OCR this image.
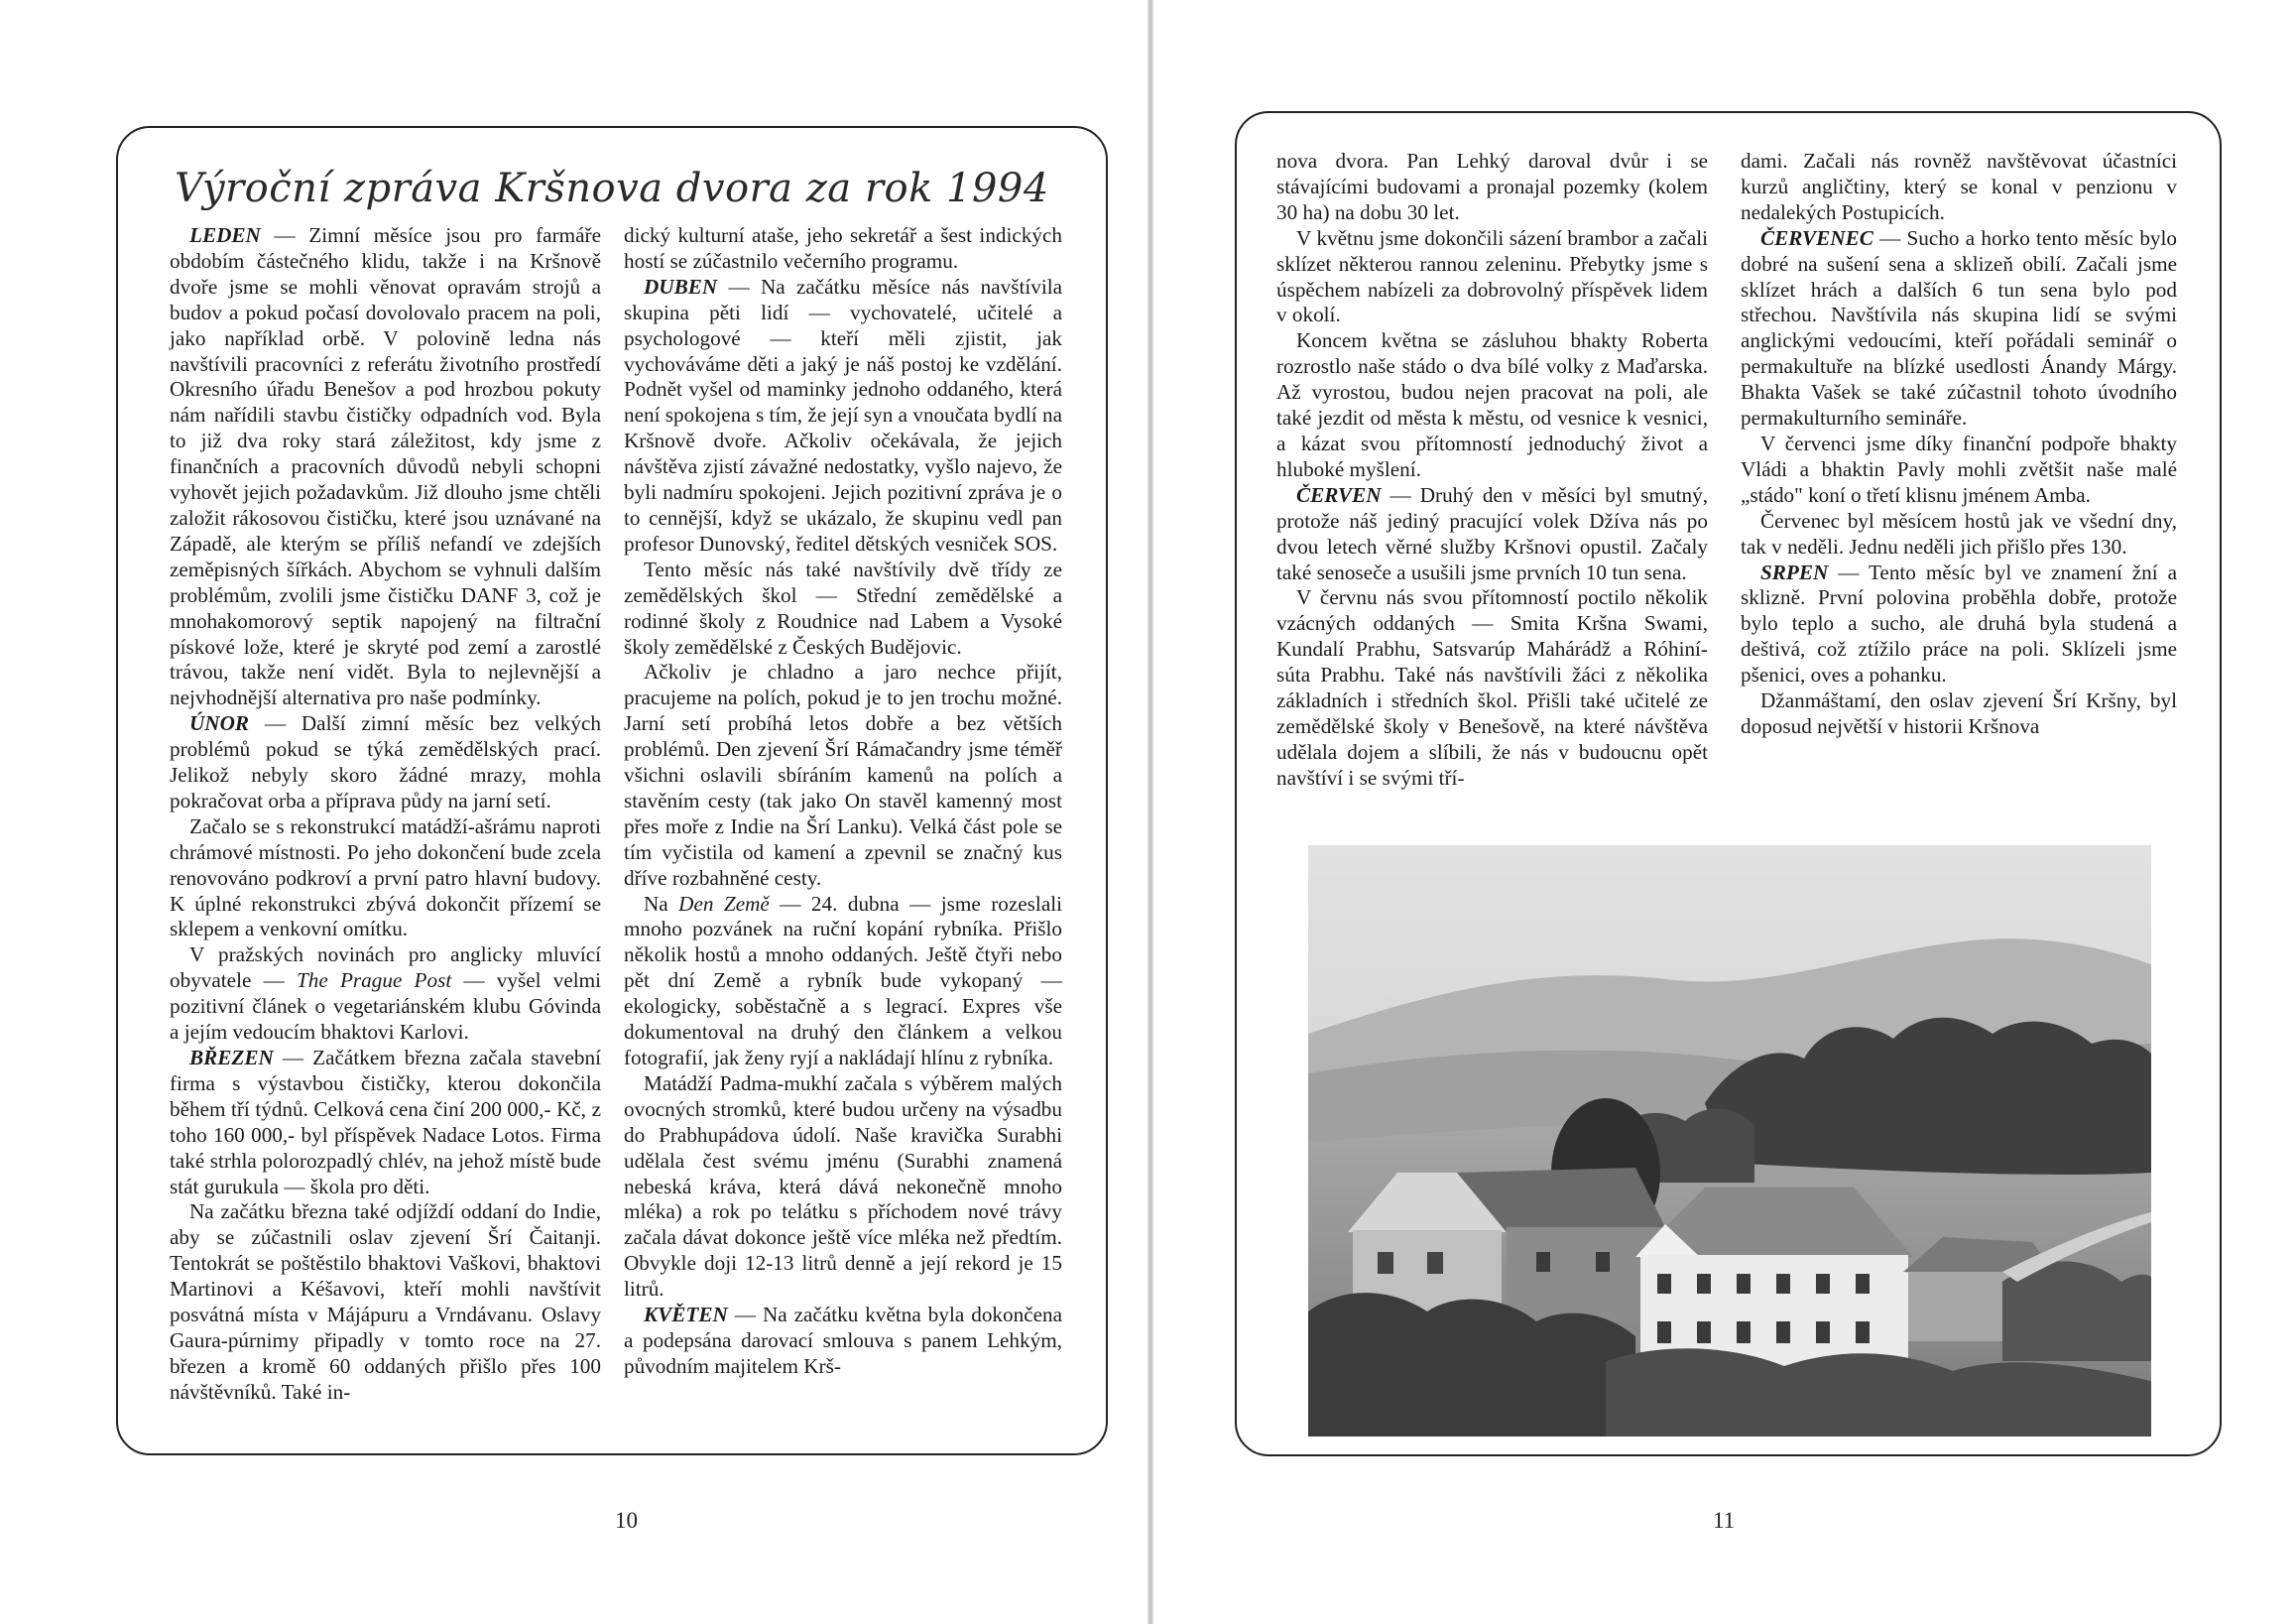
Výroční zpráva Kršnova dvora za rok 1994

LEDEN — Zimní měsíce jsou pro farmáře obdobím částečného klidu, takže i na Kršnově dvoře jsme se mohli věnovat opravám strojů a budov a pokud počasí dovolovalo pracem na poli, jako například orbě. V polovině ledna nás navštívili pracovníci z referátu životního prostředí Okresního úřadu Benešov a pod hrozbou pokuty nám nařídili stavbu čističky odpadních vod. Byla to již dva roky stará záležitost, kdy jsme z finančních a pracovních důvodů nebyli schopni vyhovět jejich požadavkům. Již dlouho jsme chtěli založit rákosovou čističku, které jsou uznávané na Západě, ale kterým se příliš nefandí ve zdejších zeměpisných šířkách. Abychom se vyhnuli dalším problémům, zvolili jsme čističku DANF 3, což je mnohakomorový septik napojený na filtrační pískové lože, které je skryté pod zemí a zarostlé trávou, takže není vidět. Byla to nejlevnější a nejvhodnější alternativa pro naše podmínky.

ÚNOR — Další zimní měsíc bez velkých problémů pokud se týká zemědělských prací. Jelikož nebyly skoro žádné mrazy, mohla pokračovat orba a příprava půdy na jarní setí.

Začalo se s rekonstrukcí matádží-ašrámu naproti chrámové místnosti. Po jeho dokončení bude zcela renovováno podkroví a první patro hlavní budovy. K úplné rekonstrukci zbývá dokončit přízemí se sklepem a venkovní omítku.

V pražských novinách pro anglicky mluvící obyvatele — The Prague Post — vyšel velmi pozitivní článek o vegetariánském klubu Góvinda a jejím vedoucím bhaktovi Karlovi.

BŘEZEN — Začátkem března začala stavební firma s výstavbou čističky, kterou dokončila během tří týdnů. Celková cena činí 200 000,- Kč, z toho 160 000,- byl příspěvek Nadace Lotos. Firma také strhla polorozpadlý chlév, na jehož místě bude stát gurukula — škola pro děti.

Na začátku března také odjíždí oddaní do Indie, aby se zúčastnili oslav zjevení Šrí Čaitanji. Tentokrát se poštěstilo bhaktovi Vaškovi, bhaktovi Martinovi a Kéšavovi, kteří mohli navštívit posvátná místa v Májápuru a Vrndávanu. Oslavy Gaura-púrnimy připadly v tomto roce na 27. březen a kromě 60 oddaných přišlo přes 100 návštěvníků. Také in-

dický kulturní ataše, jeho sekretář a šest indických hostí se zúčastnilo večerního programu.

DUBEN — Na začátku měsíce nás navštívila skupina pěti lidí — vychovatelé, učitelé a psychologové — kteří měli zjistit, jak vychováváme děti a jaký je náš postoj ke vzdělání. Podnět vyšel od maminky jednoho oddaného, která není spokojena s tím, že její syn a vnoučata bydlí na Kršnově dvoře. Ačkoliv očekávala, že jejich návštěva zjistí závažné nedostatky, vyšlo najevo, že byli nadmíru spokojeni. Jejich pozitivní zpráva je o to cennější, když se ukázalo, že skupinu vedl pan profesor Dunovský, ředitel dětských vesniček SOS.

Tento měsíc nás také navštívily dvě třídy ze zemědělských škol — Střední zemědělské a rodinné školy z Roudnice nad Labem a Vysoké školy zemědělské z Českých Budějovic.

Ačkoliv je chladno a jaro nechce přijít, pracujeme na polích, pokud je to jen trochu možné. Jarní setí probíhá letos dobře a bez větších problémů. Den zjevení Šrí Rámačandry jsme téměř všichni oslavili sbíráním kamenů na polích a stavěním cesty (tak jako On stavěl kamenný most přes moře z Indie na Šrí Lanku). Velká část pole se tím vyčistila od kamení a zpevnil se značný kus dříve rozbahněné cesty.

Na Den Země — 24. dubna — jsme rozeslali mnoho pozvánek na ruční kopání rybníka. Přišlo několik hostů a mnoho oddaných. Ještě čtyři nebo pět dní Země a rybník bude vykopaný — ekologicky, soběstačně a s legrací. Expres vše dokumentoval na druhý den článkem a velkou fotografií, jak ženy ryjí a nakládají hlínu z rybníka.

Matádží Padma-mukhí začala s výběrem malých ovocných stromků, které budou určeny na výsadbu do Prabhupádova údolí. Naše kravička Surabhi udělala čest svému jménu (Surabhi znamená nebeská kráva, která dává nekonečně mnoho mléka) a rok po telátku s příchodem nové trávy začala dávat dokonce ještě více mléka než předtím. Obvykle doji 12-13 litrů denně a její rekord je 15 litrů.

KVĚTEN — Na začátku května byla dokončena a podepsána darovací smlouva s panem Lehkým, původním majitelem Krš-

10

nova dvora. Pan Lehký daroval dvůr i se stávajícími budovami a pronajal pozemky (kolem 30 ha) na dobu 30 let.

V květnu jsme dokončili sázení brambor a začali sklízet některou rannou zeleninu. Přebytky jsme s úspěchem nabízeli za dobrovolný příspěvek lidem v okolí.

Koncem května se zásluhou bhakty Roberta rozrostlo naše stádo o dva bílé volky z Maďarska. Až vyrostou, budou nejen pracovat na poli, ale také jezdit od města k městu, od vesnice k vesnici, a kázat svou přítomností jednoduchý život a hluboké myšlení.

ČERVEN — Druhý den v měsíci byl smutný, protože náš jediný pracující volek Džíva nás po dvou letech věrné služby Kršnovi opustil. Začaly také senoseče a usušili jsme prvních 10 tun sena.

V červnu nás svou přítomností poctilo několik vzácných oddaných — Smita Kršna Swami, Kundalí Prabhu, Satsvarúp Mahárádž a Róhiní-súta Prabhu. Také nás navštívili žáci z několika základních i středních škol. Přišli také učitelé ze zemědělské školy v Benešově, na které návštěva udělala dojem a slíbili, že nás v budoucnu opět navštíví i se svými tří-

dami. Začali nás rovněž navštěvovat účastníci kurzů angličtiny, který se konal v penzionu v nedalekých Postupicích.

ČERVENEC — Sucho a horko tento měsíc bylo dobré na sušení sena a sklizeň obilí. Začali jsme sklízet hrách a dalších 6 tun sena bylo pod střechou. Navštívila nás skupina lidí se svými anglickými vedoucími, kteří pořádali seminář o permakultuře na blízké usedlosti Ánandy Márgy. Bhakta Vašek se také zúčastnil tohoto úvodního permakulturního semináře.

V červenci jsme díky finanční podpoře bhakty Vládi a bhaktin Pavly mohli zvětšit naše malé „stádo" koní o třetí klisnu jménem Amba.

Červenec byl měsícem hostů jak ve všední dny, tak v neděli. Jednu neděli jich přišlo přes 130.

SRPEN — Tento měsíc byl ve znamení žní a sklizně. První polovina proběhla dobře, protože bylo teplo a sucho, ale druhá byla studená a deštivá, což ztížilo práce na poli. Sklízeli jsme pšenici, oves a pohanku.

Džanmáštamí, den oslav zjevení Šrí Kršny, byl doposud největší v historii Kršnova

11
